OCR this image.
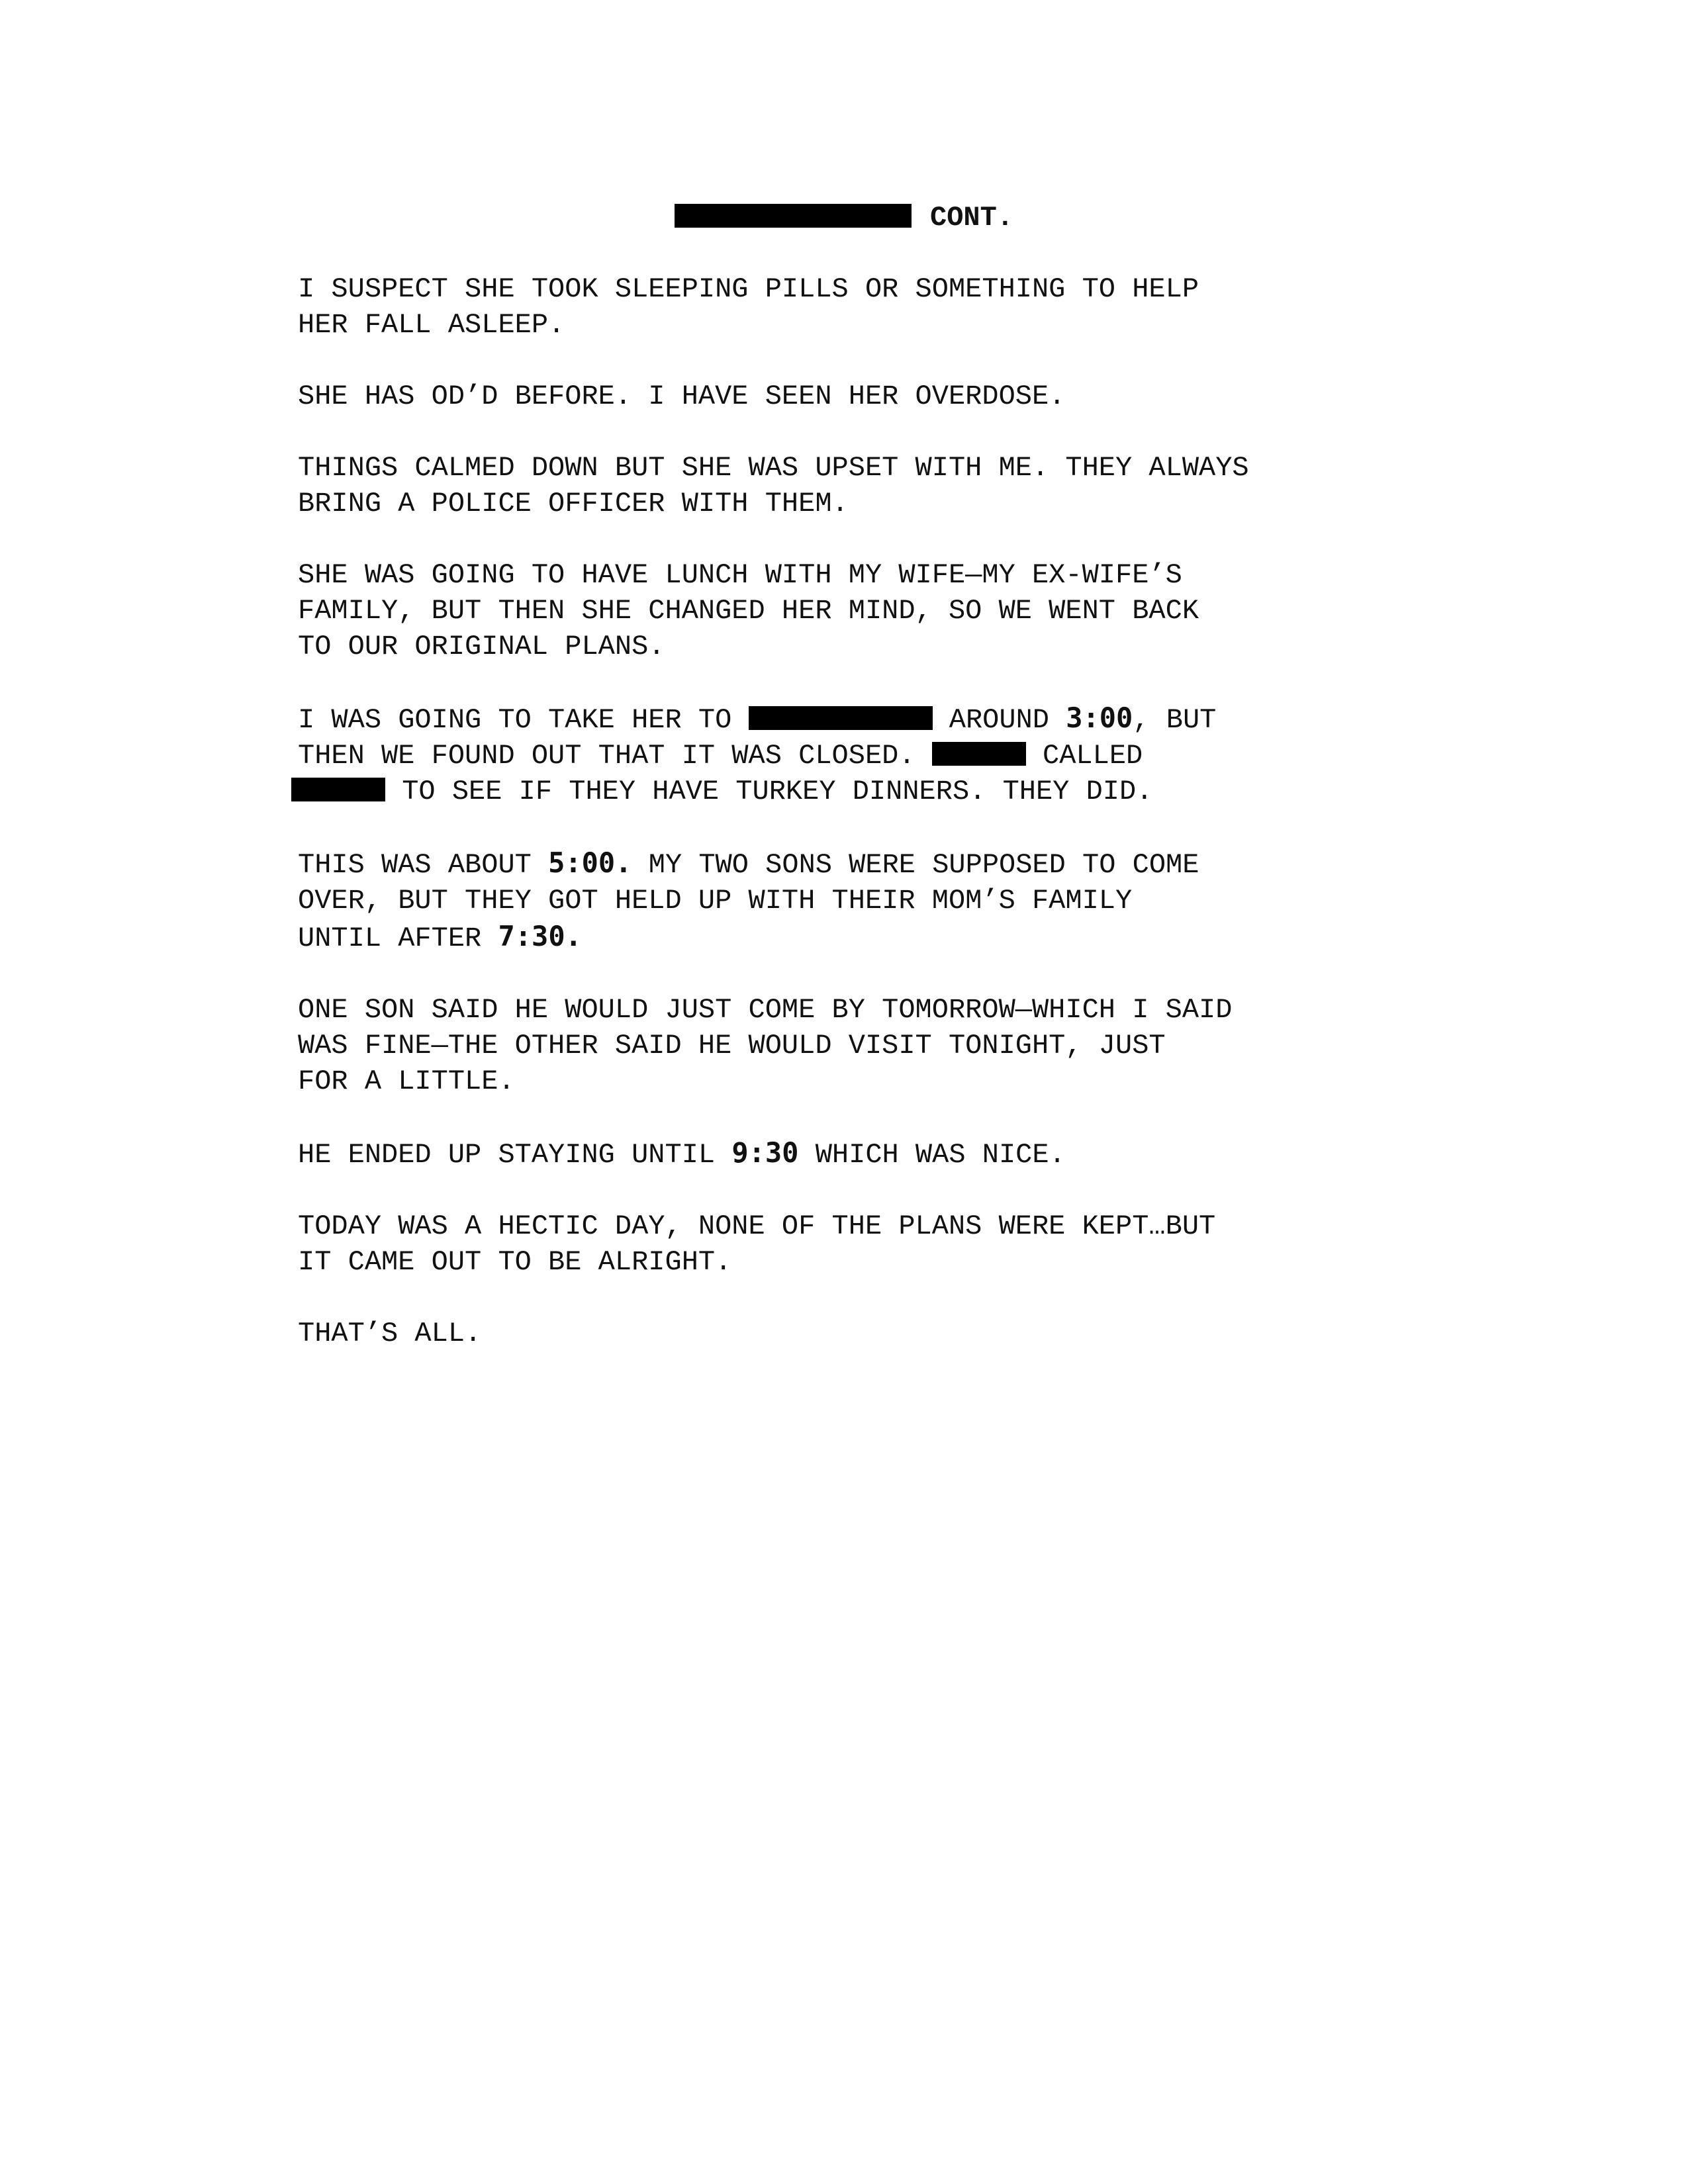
CONT.

I SUSPECT SHE TOOK SLEEPING PILLS OR SOMETHING TO HELP
HER FALL ASLEEP.

SHE HAS OD’D BEFORE. I HAVE SEEN HER OVERDOSE.

THINGS CALMED DOWN BUT SHE WAS UPSET WITH ME. THEY ALWAYS
BRING A POLICE OFFICER WITH THEM.

SHE WAS GOING TO HAVE LUNCH WITH MY WIFE—MY EX-WIFE’S
FAMILY, BUT THEN SHE CHANGED HER MIND, SO WE WENT BACK
TO OUR ORIGINAL PLANS.

I WAS GOING TO TAKE HER TO	AROUND 3:00, BUT
THEN WE FOUND OUT THAT IT WAS CLOSED.	CALLED
TO SEE IF THEY HAVE TURKEY DINNERS. THEY DID.

THIS WAS ABOUT 5:00. MY TWO SONS WERE SUPPOSED TO COME
OVER, BUT THEY GOT HELD UP WITH THEIR MOM’S FAMILY
UNTIL AFTER 7:30.

ONE SON SAID HE WOULD JUST COME BY TOMORROW—WHICH I SAID
WAS FINE—THE OTHER SAID HE WOULD VISIT TONIGHT, JUST
FOR A LITTLE.

HE ENDED UP STAYING UNTIL 9:30 WHICH WAS NICE.

TODAY WAS A HECTIC DAY, NONE OF THE PLANS WERE KEPT…BUT
IT CAME OUT TO BE ALRIGHT.

THAT’S ALL.
